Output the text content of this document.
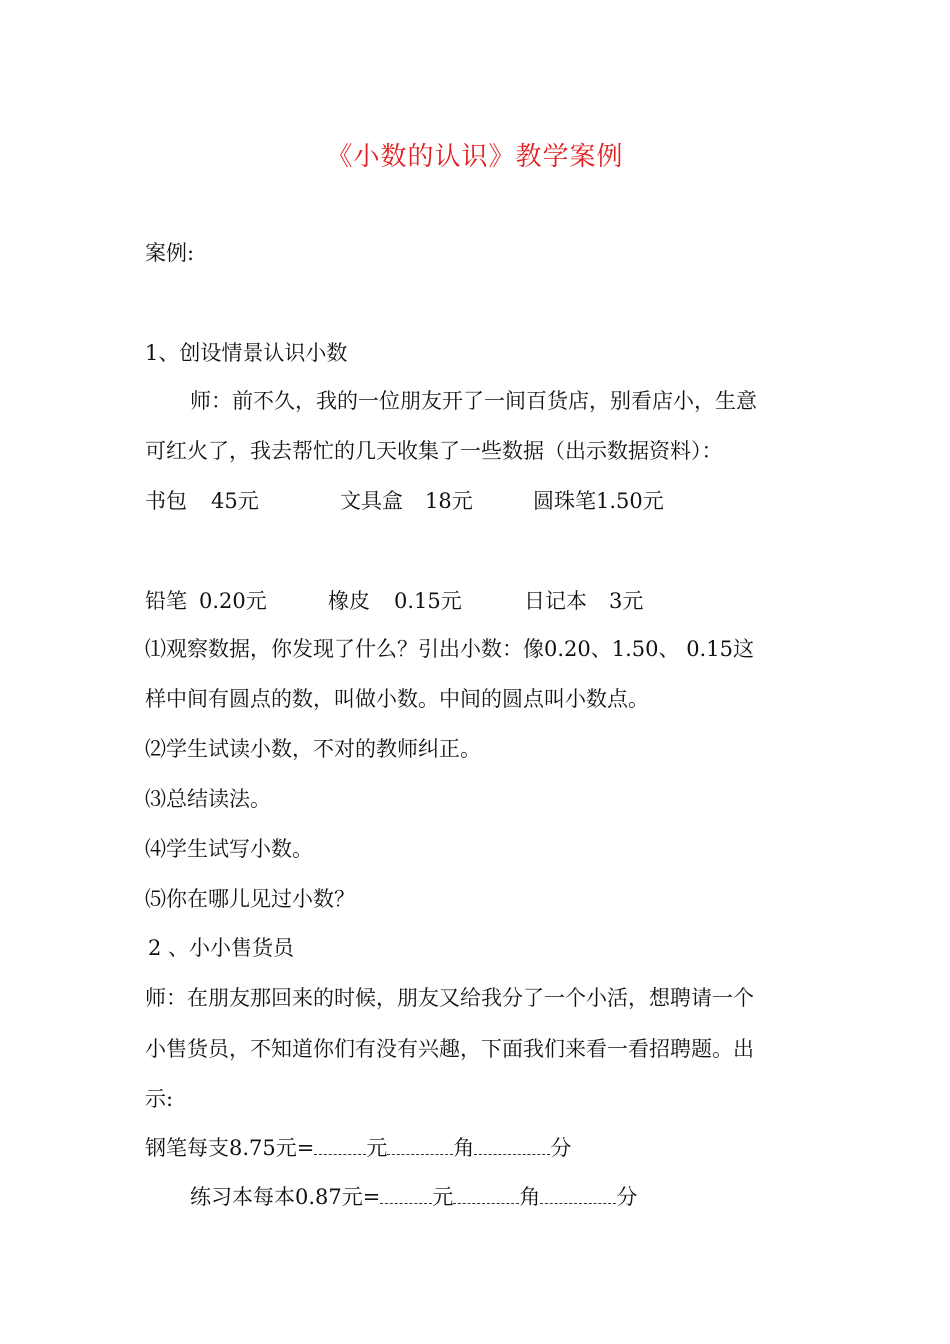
《小数的认识》教学案例
案例:
1、创设情景认识小数
师：前不久，我的一位朋友开了一间百货店，别看店小，生意
可红火了，我去帮忙的几天收集了一些数据（出示数据资料）：
书包 45元	文具盒 18元	圆珠笔1.50元
铅笔 0.20元	橡皮 0.15元	日记本 3元
⑴观察数据，你发现了什么？引出小数：像0.20、1.50、 0.15这
样中间有圆点的数，叫做小数。中间的圆点叫小数点。
⑵学生试读小数，不对的教师纠正。
⑶总结读法。
⑷学生试写小数。
⑸你在哪儿见过小数？
2 、小小售货员
师：在朋友那回来的时候，朋友又给我分了一个小活，想聘请一个
小售货员，不知道你们有没有兴趣，下面我们来看一看招聘题。出
示:
钢笔每支8.75元= 元	角	分
练习本每本0.87元= 元	角	分
